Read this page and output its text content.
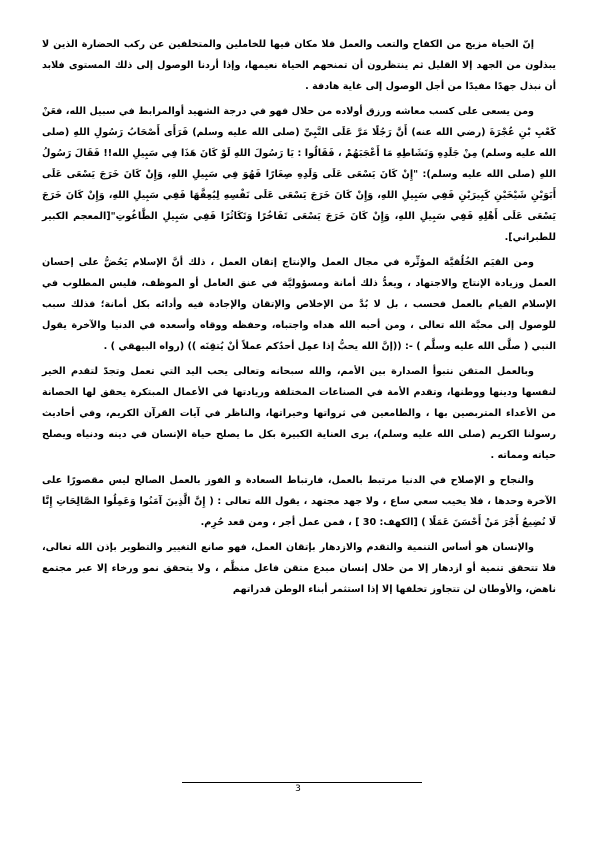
إنّ الحياة مزيج من الكفاح والتعب والعمل فلا مكان فيها للخاملين والمتخلفين عن ركب الحضارة الذين لا يبذلون من الجهد إلا القليل ثم ينتظرون أن تمنحهم الحياة نعيمها، وإذا أردنا الوصول إلى ذلك المستوى فلابد أن نبذل جهدًا مفيدًا من أجل الوصول إلى غاية هادفة .

ومن يسعى على كسب معاشه ورزق أولاده من حلال فهو في درجة الشهيد أوالمرابط في سبيل الله، فعَنْ كَعْبِ بْنِ عُجْرَةَ (رضي الله عنه) أَنَّ رَجُلًا مَرَّ عَلَى النَّبِيِّ (صلى الله عليه وسلم) فَرَأَى أَصْحَابُ رَسُولِ اللهِ (صلى الله عليه وسلم) مِنْ جَلَدِهِ وَنَشَاطِهِ مَا أَعْجَبَهُمْ ، فَقَالُوا : يَا رَسُولَ اللهِ لَوْ كَانَ هَذَا فِي سَبِيلِ الله!! فَقَالَ رَسُولُ اللهِ (صلى الله عليه وسلم): "إِنْ كَانَ يَسْعَى عَلَى وَلَدِهِ صِغَارًا فَهُوَ فِي سَبِيلِ اللهِ، وَإِنْ كَانَ خَرَجَ يَسْعَى عَلَى أَبَوَيْنِ شَيْخَيْنِ كَبِيرَيْنِ فَفِي سَبِيلِ اللهِ، وَإِنْ كَانَ خَرَجَ يَسْعَى عَلَى نَفْسِهِ لِيُعِفَّهَا فَفِي سَبِيلِ اللهِ، وَإِنْ كَانَ خَرَجَ يَسْعَى عَلَى أَهْلِهِ فَفِي سَبِيلِ اللهِ، وَإِنْ كَانَ خَرَجَ يَسْعَى تَفَاخُرًا وَتَكَاثُرًا فَفِي سَبِيلِ الطَّاغُوتِ"[المعجم الكبير للطبراني].

ومن القيَم الخُلُقيَّة المؤثِّرة في مجال العمل والإنتاج إتقان العمل ، ذلك أنَّ الإسلام يَحُضُّ على إحسان العمل وزيادة الإنتاج والاجتهاد ، ويعدُّ ذلك أمانة ومسؤوليَّة في عنق العامل أو الموظف، فليس المطلوب في الإسلام القيام بالعمل فحسب ، بل لا بُدَّ من الإخلاص والإتقان والإجادة فيه وأدائه بكل أمانة؛ فذلك سبب للوصول إلى محبَّة الله تعالى ، ومن أحبه الله هداه واجتباه، وحفظه ووقاه وأسعده في الدنيا والآخرة يقول النبي ( صلَّى الله عليه وسلَّم ) -: ((إنَّ الله يحبُّ إذا عمِل أحدُكم عملاً أنْ يُتقِنَه )) (رواه البيهقي ) .

وبالعمل المتقن نتبوأ الصدارة بين الأمم، والله سبحانه وتعالى يحب اليد التي تعمل وتجدّ لتقدم الخير لنفسها ودينها ووطنها، وتقدم الأمة في الصناعات المختلفة وريادتها في الأعمال المبتكرة يحقق لها الحصانة من الأعداء المتربصين بها ، والطامعين في ثرواتها وخيراتها، والناظر في آيات القرآن الكريم، وفي أحاديث رسولنا الكريم (صلى الله عليه وسلم)، يرى العناية الكبيرة بكل ما يصلح حياة الإنسان في دينه ودنياه ويصلح حياته ومماته .

والنجاح و الإصلاح في الدنيا مرتبط بالعمل، فارتباط السعادة و الفوز بالعمل الصالح ليس مقصورًا على الآخرة وحدها ، فلا يخيب سعي ساع ، ولا جهد مجتهد ، يقول الله تعالى : ( إِنَّ الَّذِينَ آمَنُوا وَعَمِلُوا الصَّالِحَاتِ إِنَّا لَا نُضِيعُ أَجْرَ مَنْ أَحْسَنَ عَمَلًا ) [الكهف: 30 ] ، فمن عمل أجر ، ومن قعد حُرِم.

والإنسان هو أساس التنمية والتقدم والازدهار بإتقان العمل، فهو صانع التغيير والتطوير بإذن الله تعالى، فلا تتحقق تنمية أو ازدهار إلا من خلال إنسان مبدع متقن فاعل منظَّم ، ولا يتحقق نمو ورخاء إلا عبر مجتمع ناهض، والأوطان لن تتجاوز تخلفها إلا إذا استثمر أبناء الوطن قدراتهم

3
